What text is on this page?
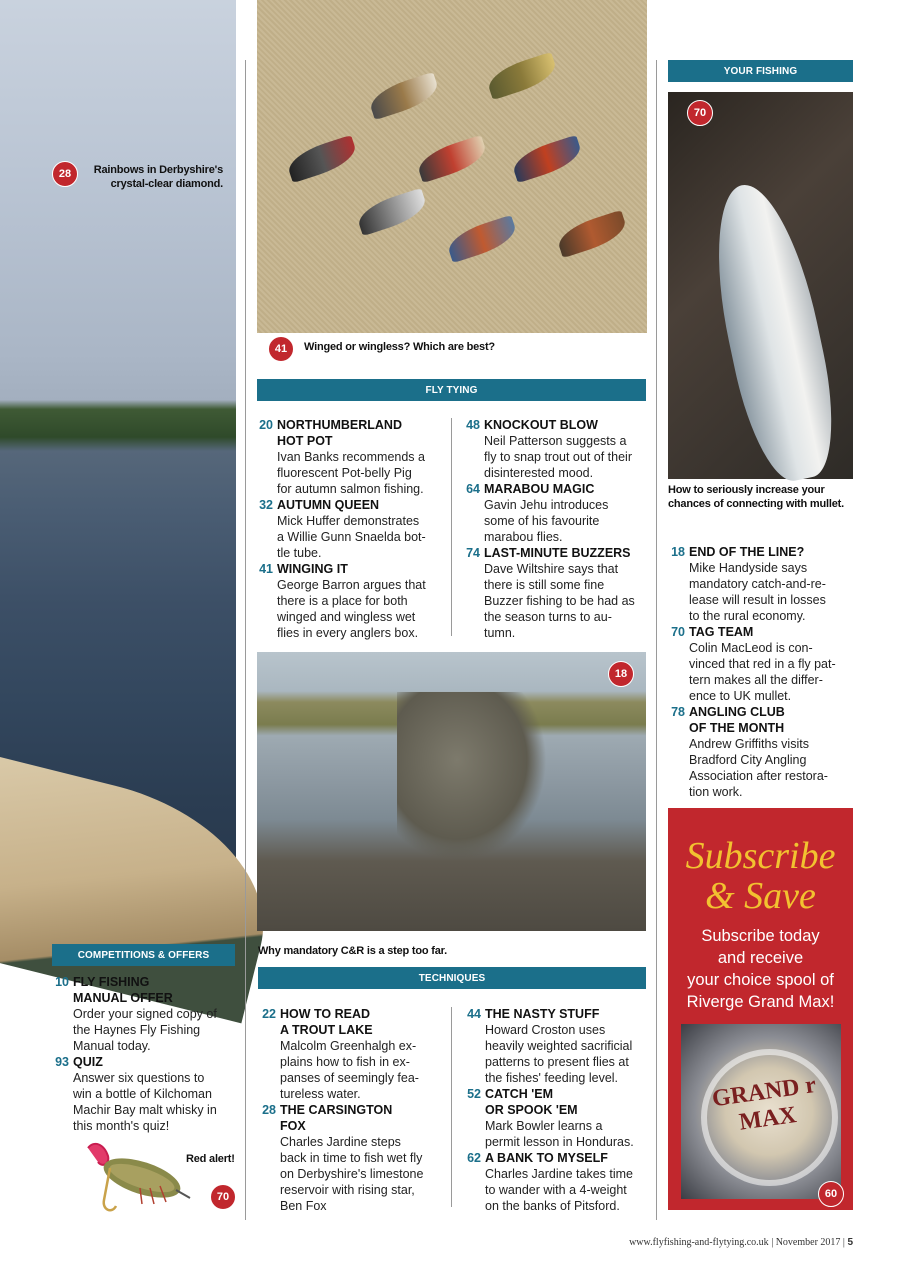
28	Rainbows in Derbyshire's
crystal-clear diamond.
41	Winged or wingless? Which are best?
FLY TYING
20 NORTHUMBERLAND
HOT POT
Ivan Banks recommends a
fluorescent Pot-belly Pig
for autumn salmon fishing.
32 AUTUMN QUEEN
Mick Huffer demonstrates
a Willie Gunn Snaelda bot-
tle tube.
41 WINGING IT
George Barron argues that
there is a place for both
winged and wingless wet
flies in every anglers box.
48 KNOCKOUT BLOW
Neil Patterson suggests a
fly to snap trout out of their
disinterested mood.
64 MARABOU MAGIC
Gavin Jehu introduces
some of his favourite
marabou flies.
74 LAST-MINUTE BUZZERS
Dave Wiltshire says that
there is still some fine
Buzzer fishing to be had as
the season turns to au-
tumn.
18
Why mandatory C&R is a step too far.
TECHNIQUES
22 HOW TO READ
A TROUT LAKE
Malcolm Greenhalgh ex-
plains how to fish in ex-
panses of seemingly fea-
tureless water.
28 THE CARSINGTON
FOX
Charles Jardine steps
back in time to fish wet fly
on Derbyshire's limestone
reservoir with rising star,
Ben Fox
44 THE NASTY STUFF
Howard Croston uses
heavily weighted sacrificial
patterns to present flies at
the fishes' feeding level.
52 CATCH 'EM
OR SPOOK 'EM
Mark Bowler learns a
permit lesson in Honduras.
62 A BANK TO MYSELF
Charles Jardine takes time
to wander with a 4-weight
on the banks of Pitsford.
YOUR FISHING
70
How to seriously increase your
chances of connecting with mullet.
18 END OF THE LINE?
Mike Handyside says
mandatory catch-and-re-
lease will result in losses
to the rural economy.
70 TAG TEAM
Colin MacLeod is con-
vinced that red in a fly pat-
tern makes all the differ-
ence to UK mullet.
78 ANGLING CLUB
OF THE MONTH
Andrew Griffiths visits
Bradford City Angling
Association after restora-
tion work.
Subscribe
& Save
Subscribe today
and receive
your choice spool of
Riverge Grand Max!
GRAND r MAX
60
COMPETITIONS & OFFERS
10 FLY FISHING
MANUAL OFFER
Order your signed copy of
the Haynes Fly Fishing
Manual today.
93 QUIZ
Answer six questions to
win a bottle of Kilchoman
Machir Bay malt whisky in
this month's quiz!
Red alert!
70
www.flyfishing-and-flytying.co.uk | November 2017 | 5
